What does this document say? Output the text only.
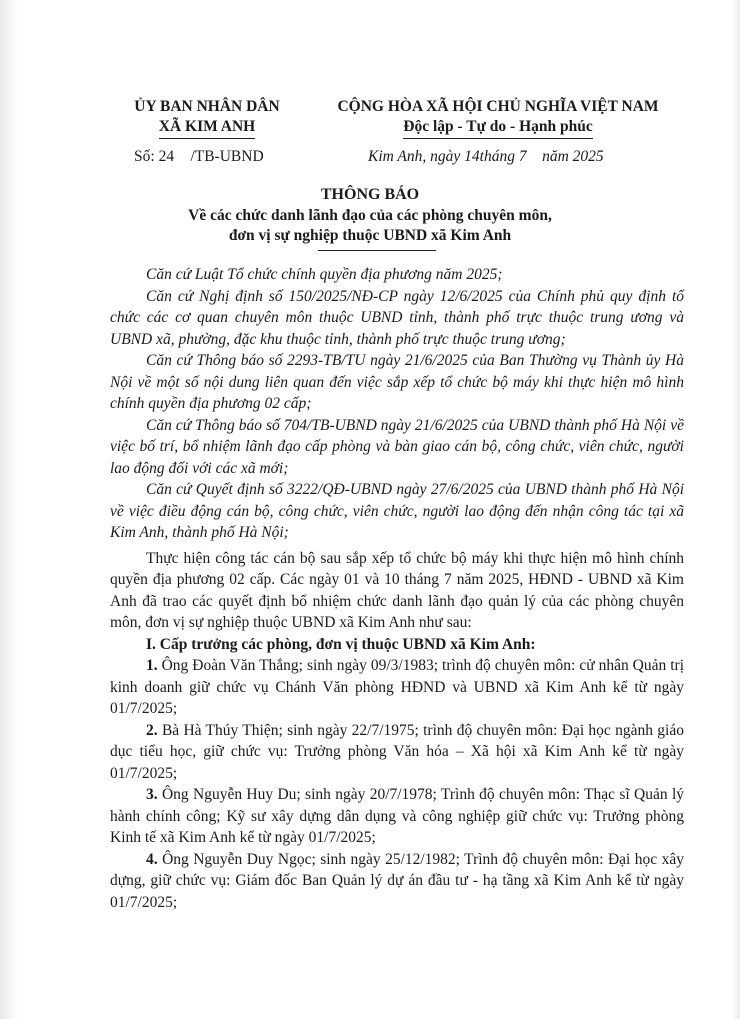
ỦY BAN NHÂN DÂN
XÃ KIM ANH
CỘNG HÒA XÃ HỘI CHỦ NGHĨA VIỆT NAM
Độc lập - Tự do - Hạnh phúc
Số: 24 /TB-UBND	Kim Anh, ngày 14tháng 7 năm 2025
THÔNG BÁO
Về các chức danh lãnh đạo của các phòng chuyên môn,
đơn vị sự nghiệp thuộc UBND xã Kim Anh

Căn cứ Luật Tổ chức chính quyền địa phương năm 2025;

Căn cứ Nghị định số 150/2025/NĐ-CP ngày 12/6/2025 của Chính phủ quy định tổ chức các cơ quan chuyên môn thuộc UBND tỉnh, thành phố trực thuộc trung ương và UBND xã, phường, đặc khu thuộc tỉnh, thành phố trực thuộc trung ương;

Căn cứ Thông báo số 2293-TB/TU ngày 21/6/2025 của Ban Thường vụ Thành ủy Hà Nội về một số nội dung liên quan đến việc sắp xếp tổ chức bộ máy khi thực hiện mô hình chính quyền địa phương 02 cấp;

Căn cứ Thông báo số 704/TB-UBND ngày 21/6/2025 của UBND thành phố Hà Nội về việc bố trí, bổ nhiệm lãnh đạo cấp phòng và bàn giao cán bộ, công chức, viên chức, người lao động đối với các xã mới;

Căn cứ Quyết định số 3222/QĐ-UBND ngày 27/6/2025 của UBND thành phố Hà Nội về việc điều động cán bộ, công chức, viên chức, người lao động đến nhận công tác tại xã Kim Anh, thành phố Hà Nội;

Thực hiện công tác cán bộ sau sắp xếp tổ chức bộ máy khi thực hiện mô hình chính quyền địa phương 02 cấp. Các ngày 01 và 10 tháng 7 năm 2025, HĐND - UBND xã Kim Anh đã trao các quyết định bổ nhiệm chức danh lãnh đạo quản lý của các phòng chuyên môn, đơn vị sự nghiệp thuộc UBND xã Kim Anh như sau:

I. Cấp trưởng các phòng, đơn vị thuộc UBND xã Kim Anh:

1. Ông Đoàn Văn Thắng; sinh ngày 09/3/1983; trình độ chuyên môn: cử nhân Quản trị kinh doanh giữ chức vụ Chánh Văn phòng HĐND và UBND xã Kim Anh kể từ ngày 01/7/2025;

2. Bà Hà Thúy Thiện; sinh ngày 22/7/1975; trình độ chuyên môn: Đại học ngành giáo dục tiểu học, giữ chức vụ: Trưởng phòng Văn hóa – Xã hội xã Kim Anh kể từ ngày 01/7/2025;

3. Ông Nguyễn Huy Du; sinh ngày 20/7/1978; Trình độ chuyên môn: Thạc sĩ Quản lý hành chính công; Kỹ sư xây dựng dân dụng và công nghiệp giữ chức vụ: Trưởng phòng Kinh tế xã Kim Anh kể từ ngày 01/7/2025;

4. Ông Nguyễn Duy Ngọc; sinh ngày 25/12/1982; Trình độ chuyên môn: Đại học xây dựng, giữ chức vụ: Giám đốc Ban Quản lý dự án đầu tư - hạ tầng xã Kim Anh kể từ ngày 01/7/2025;
